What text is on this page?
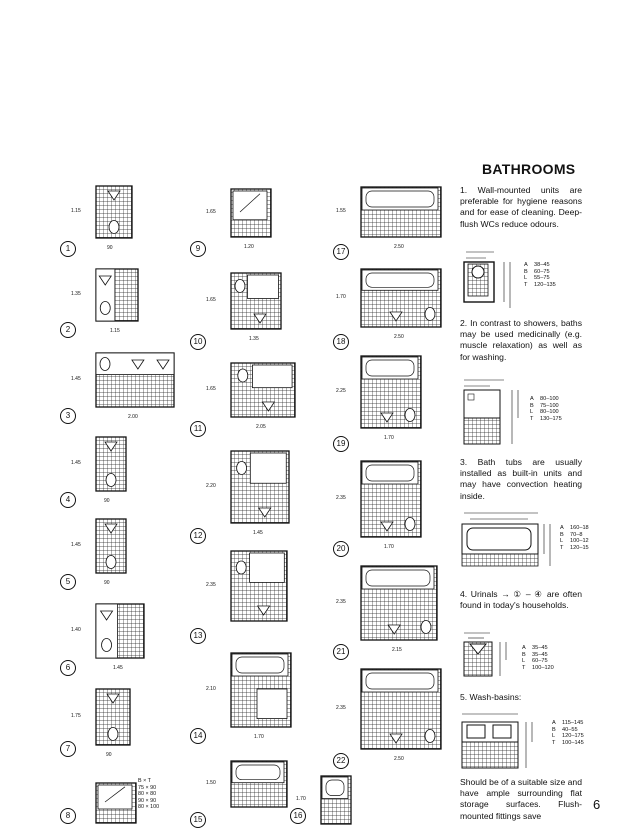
BATHROOMS
1. Wall-mounted units are preferable for hygiene reasons and for ease of cleaning. Deep-flush WCs reduce odours.
2. In contrast to showers, baths may be used medicinally (e.g. muscle relaxation) as well as for washing.
3. Bath tubs are usually installed as built-in units and may have convection heating inside.
4. Urinals → ① – ④ are often found in today's households.
5. Wash-basins:
Should be of a suitable size and have ample surrounding flat storage surfaces. Flush-mounted fittings save
A 38–45
B 60–75
L 55–75
T 120–135
A 80–100
B 75–100
L 80–100
T 130–175
A 160–18
B 70–8
L 100–12
T 120–15
A 35–45
B 35–45
L 60–75
T 100–120
A 115–145
B 40–55
L 120–175
T 100–145
1	90
1.15
2	1.15
1.35
3	2.00
1.45
4	90
1.45
5	90
1.45
6	1.45
1.40
7
90
1.75
8
9	1.20
1.65
10	1.35
1.65
11	2.05
1.65
12	1.45
2.20
13
2.35
14	1.70
2.10
15
1.50
16
1.70
17	2.50
1.55
18	2.50
1.70
19
1.70
2.25
20	1.70
2.35
21	2.15
2.35
22	2.50
2.35
B × T
75 × 90
80 × 80
90 × 90
80 × 100	6
